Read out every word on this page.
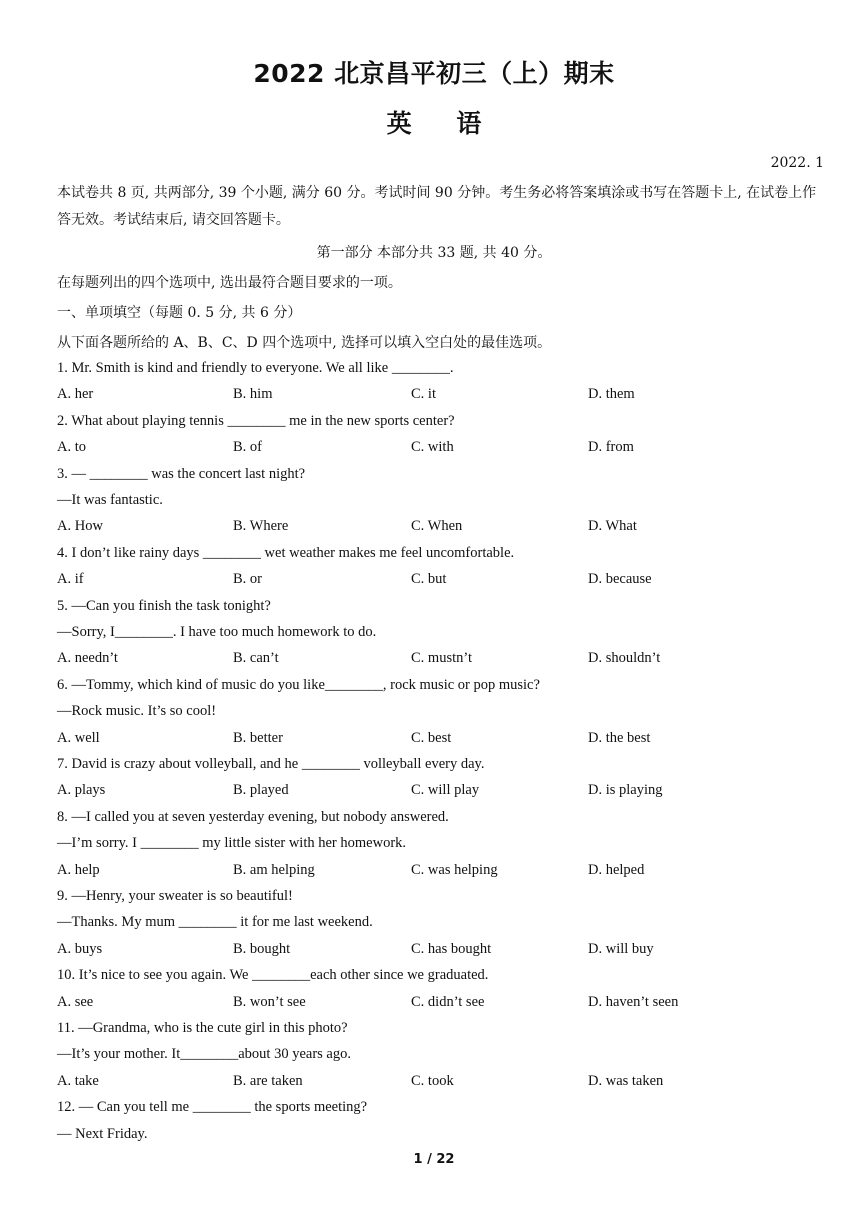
2022 北京昌平初三（上）期末
英 语
2022. 1
本试卷共 8 页, 共两部分, 39 个小题, 满分 60 分。考试时间 90 分钟。考生务必将答案填涂或书写在答题卡上, 在试卷上作答无效。考试结束后, 请交回答题卡。
第一部分 本部分共 33 题, 共 40 分。
在每题列出的四个选项中, 选出最符合题目要求的一项。
一、单项填空（每题 0. 5 分, 共 6 分）
从下面各题所给的 A、B、C、D 四个选项中, 选择可以填入空白处的最佳选项。
1. Mr. Smith is kind and friendly to everyone. We all like ________.
A. her	B. him	C. it	D. them
2. What about playing tennis ________ me in the new sports center?
A. to	B. of	C. with	D. from
3. — ________ was the concert last night?
—It was fantastic.
A. How	B. Where	C. When	D. What
4. I don’t like rainy days ________ wet weather makes me feel uncomfortable.
A. if	B. or	C. but	D. because
5. —Can you finish the task tonight?
—Sorry, I________. I have too much homework to do.
A. needn’t	B. can’t	C. mustn’t	D. shouldn’t
6. —Tommy, which kind of music do you like________, rock music or pop music?
—Rock music. It’s so cool!
A. well	B. better	C. best	D. the best
7. David is crazy about volleyball, and he ________ volleyball every day.
A. plays	B. played	C. will play	D. is playing
8. —I called you at seven yesterday evening, but nobody answered.
—I’m sorry. I ________ my little sister with her homework.
A. help	B. am helping	C. was helping	D. helped
9. —Henry, your sweater is so beautiful!
—Thanks. My mum ________ it for me last weekend.
A. buys	B. bought	C. has bought	D. will buy
10. It’s nice to see you again. We ________each other since we graduated.
A. see	B. won’t see	C. didn’t see	D. haven’t seen
11. —Grandma, who is the cute girl in this photo?
—It’s your mother. It________about 30 years ago.
A. take	B. are taken	C. took	D. was taken
12. — Can you tell me ________ the sports meeting?
— Next Friday.
1 / 22
